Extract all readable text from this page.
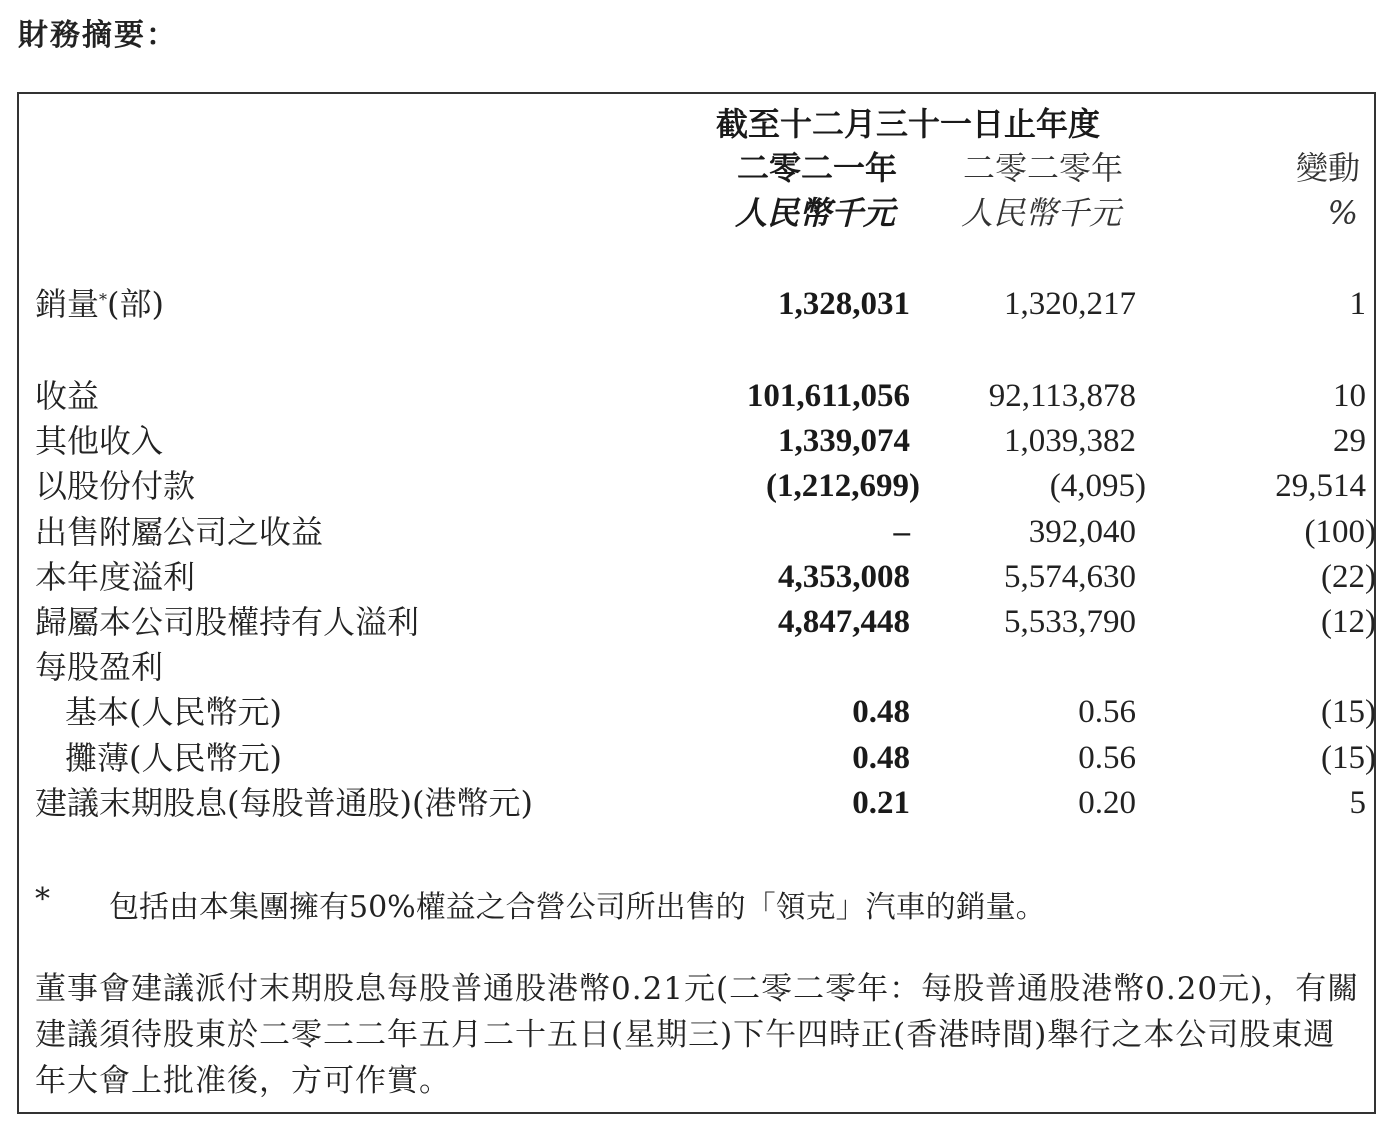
財務摘要：
截至十二月三十一日止年度
二零二一年 二零二零年	變動
人民幣千元 人民幣千元	%
銷量*(部)	1,328,031	1,320,217	1
收益	101,611,056 92,113,878	10
其他收入	1,339,074	1,039,382	29
以股份付款	(1,212,699)	(4,095)	29,514
出售附屬公司之收益	–	392,040	(100)
本年度溢利	4,353,008	5,574,630	(22)
歸屬本公司股權持有人溢利	4,847,448	5,533,790	(12)
每股盈利
基本(人民幣元)	0.48	0.56	(15)
攤薄(人民幣元)	0.48	0.56	(15)
建議末期股息(每股普通股)(港幣元)	0.21	0.20	5
* 包括由本集團擁有50%權益之合營公司所出售的「領克」汽車的銷量。
董事會建議派付末期股息每股普通股港幣0.21元(二零二零年：每股普通股港幣0.20元)，有關建議須待股東於二零二二年五月二十五日(星期三)下午四時正(香港時間)舉行之本公司股東週年大會上批准後，方可作實。
